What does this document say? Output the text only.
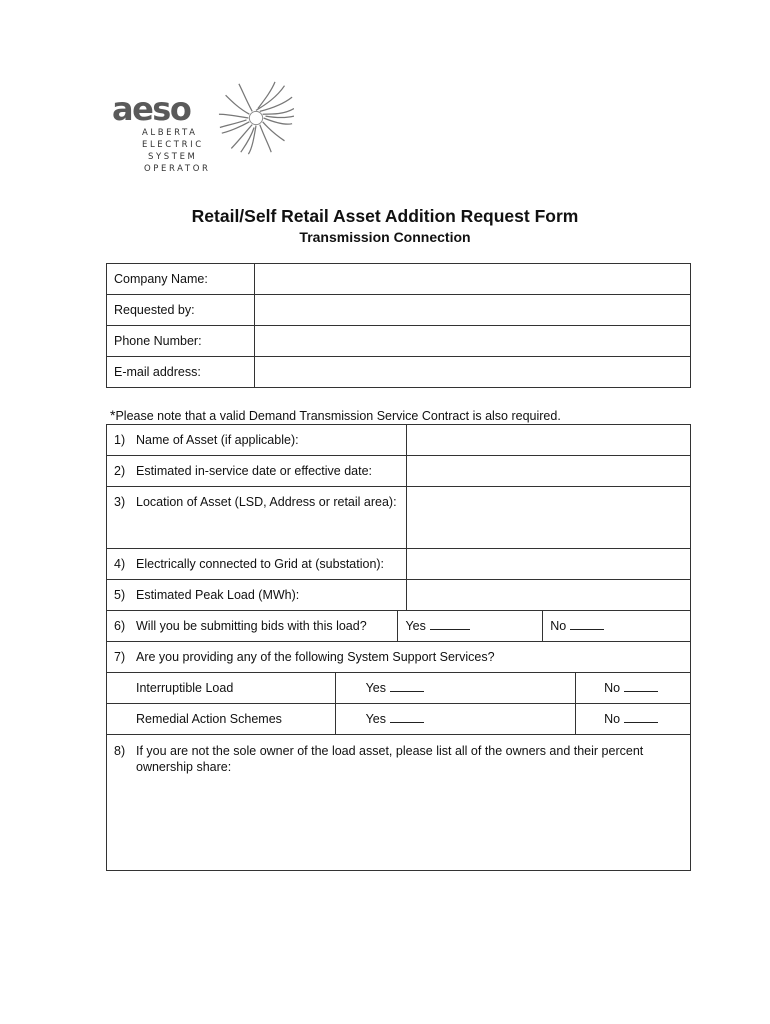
aeso
ALBERTA
ELECTRIC
SYSTEM
OPERATOR
Retail/Self Retail Asset Addition Request Form
Transmission Connection
Company Name:	
Requested by:	
Phone Number:	
E-mail address:	
*Please note that a valid Demand Transmission Service Contract is also required.
1) Name of Asset (if applicable):					
2) Estimated in-service date or effective date:					
3) Location of Asset (LSD, Address or retail area):					
4) Electrically connected to Grid at (substation):					
5) Estimated Peak Load (MWh):					
6) Will you be submitting bids with this load?		Yes		No	
7) Are you providing any of the following System Support Services?					
Interruptible Load	Yes				No
Remedial Action Schemes	Yes				No
8) If you are not the sole owner of the load asset, please list all of the owners and their percent
ownership share:					
